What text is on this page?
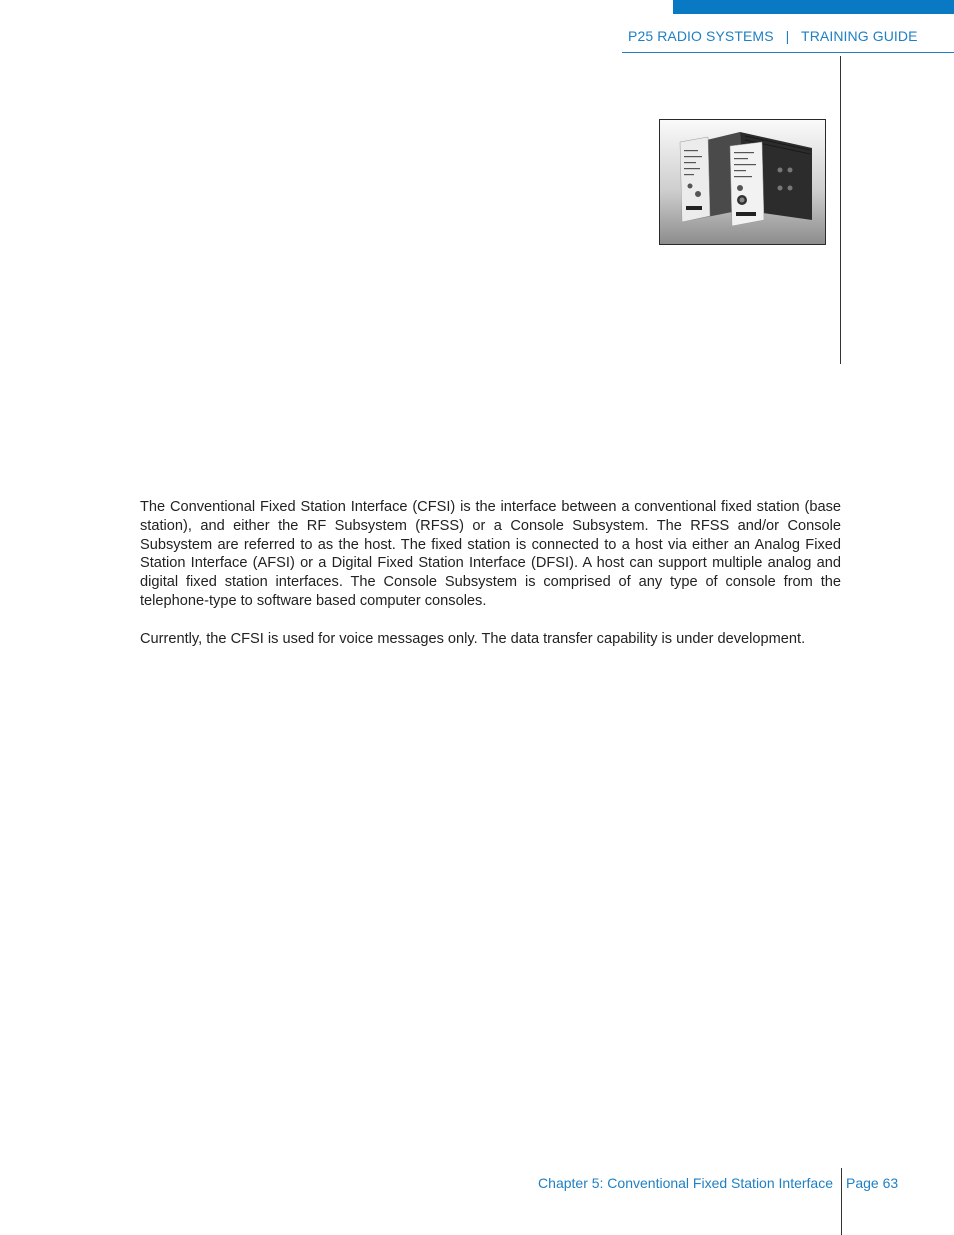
P25 RADIO SYSTEMS   |   TRAINING GUIDE

The Conventional Fixed Station Interface (CFSI) is the interface between a conventional fixed station (base station), and either the RF Subsystem (RFSS) or a Console Subsystem. The RFSS and/or Console Subsystem are referred to as the host. The fixed station is connected to a host via either an Analog Fixed Station Interface (AFSI) or a Digital Fixed Station Interface (DFSI). A host can support multiple analog and digital fixed station interfaces. The Console Subsystem is comprised of any type of console from the telephone-type to software based computer consoles.

Currently, the CFSI is used for voice messages only. The data transfer capability is under development.

Chapter 5: Conventional Fixed Station Interface Page 63
